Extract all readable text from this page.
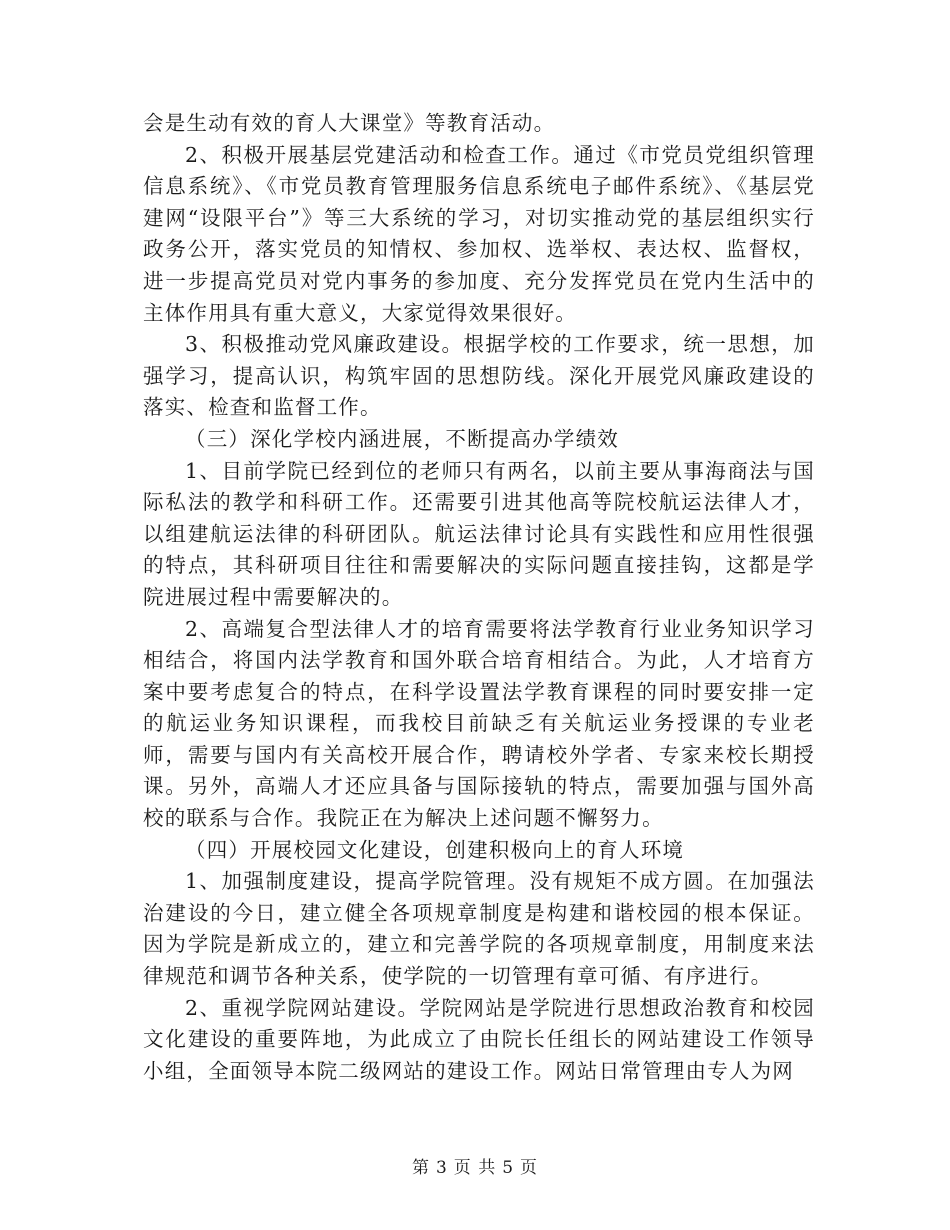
会是生动有效的育人大课堂》等教育活动。

2、积极开展基层党建活动和检查工作。通过《市党员党组织管理信息系统》、《市党员教育管理服务信息系统电子邮件系统》、《基层党建网“设限平台”》等三大系统的学习，对切实推动党的基层组织实行政务公开，落实党员的知情权、参加权、选举权、表达权、监督权，进一步提高党员对党内事务的参加度、充分发挥党员在党内生活中的主体作用具有重大意义，大家觉得效果很好。

3、积极推动党风廉政建设。根据学校的工作要求，统一思想，加强学习，提高认识，构筑牢固的思想防线。深化开展党风廉政建设的落实、检查和监督工作。

（三）深化学校内涵进展，不断提高办学绩效

1、目前学院已经到位的老师只有两名，以前主要从事海商法与国际私法的教学和科研工作。还需要引进其他高等院校航运法律人才，以组建航运法律的科研团队。航运法律讨论具有实践性和应用性很强的特点，其科研项目往往和需要解决的实际问题直接挂钩，这都是学院进展过程中需要解决的。

2、高端复合型法律人才的培育需要将法学教育行业业务知识学习相结合，将国内法学教育和国外联合培育相结合。为此，人才培育方案中要考虑复合的特点，在科学设置法学教育课程的同时要安排一定的航运业务知识课程，而我校目前缺乏有关航运业务授课的专业老师，需要与国内有关高校开展合作，聘请校外学者、专家来校长期授课。另外，高端人才还应具备与国际接轨的特点，需要加强与国外高校的联系与合作。我院正在为解决上述问题不懈努力。

（四）开展校园文化建设，创建积极向上的育人环境

1、加强制度建设，提高学院管理。没有规矩不成方圆。在加强法治建设的今日，建立健全各项规章制度是构建和谐校园的根本保证。因为学院是新成立的，建立和完善学院的各项规章制度，用制度来法律规范和调节各种关系，使学院的一切管理有章可循、有序进行。

2、重视学院网站建设。学院网站是学院进行思想政治教育和校园文化建设的重要阵地，为此成立了由院长任组长的网站建设工作领导小组，全面领导本院二级网站的建设工作。网站日常管理由专人为网

第 3 页 共 5 页
